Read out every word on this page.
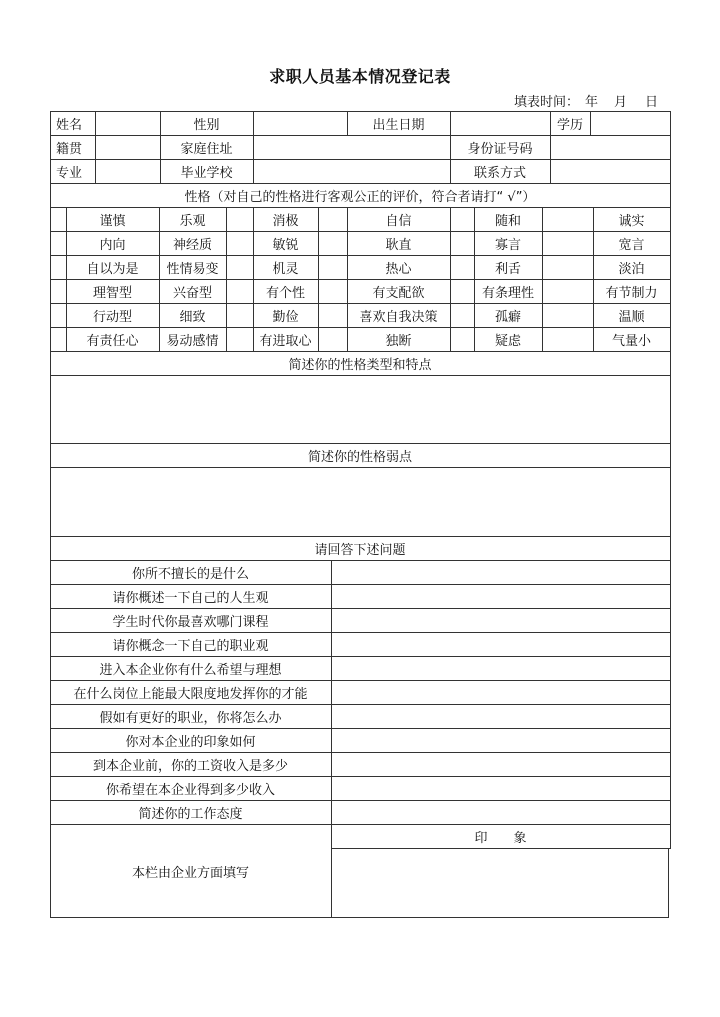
求职人员基本情况登记表
填表时间： 年 月 日
姓名	性别	出生日期	学历
籍贯	家庭住址	身份证号码
专业	毕业学校	联系方式
性格（对自己的性格进行客观公正的评价，符合者请打“ √”）
谨慎	乐观	消极	自信	随和	诚实
内向	神经质	敏锐	耿直	寡言	宽言
自以为是	性情易变	机灵	热心	利舌	淡泊
理智型	兴奋型	有个性	有支配欲	有条理性	有节制力
行动型	细致	勤俭	喜欢自我决策	孤癖	温顺
有责任心	易动感情	有进取心	独断	疑虑	气量小
简述你的性格类型和特点
简述你的性格弱点
请回答下述问题
你所不擅长的是什么
请你概述一下自己的人生观
学生时代你最喜欢哪门课程
请你概念一下自己的职业观
进入本企业你有什么希望与理想
在什么岗位上能最大限度地发挥你的才能
假如有更好的职业，你将怎么办
你对本企业的印象如何
到本企业前，你的工资收入是多少
你希望在本企业得到多少收入
简述你的工作态度
本栏由企业方面填写
印　　象
